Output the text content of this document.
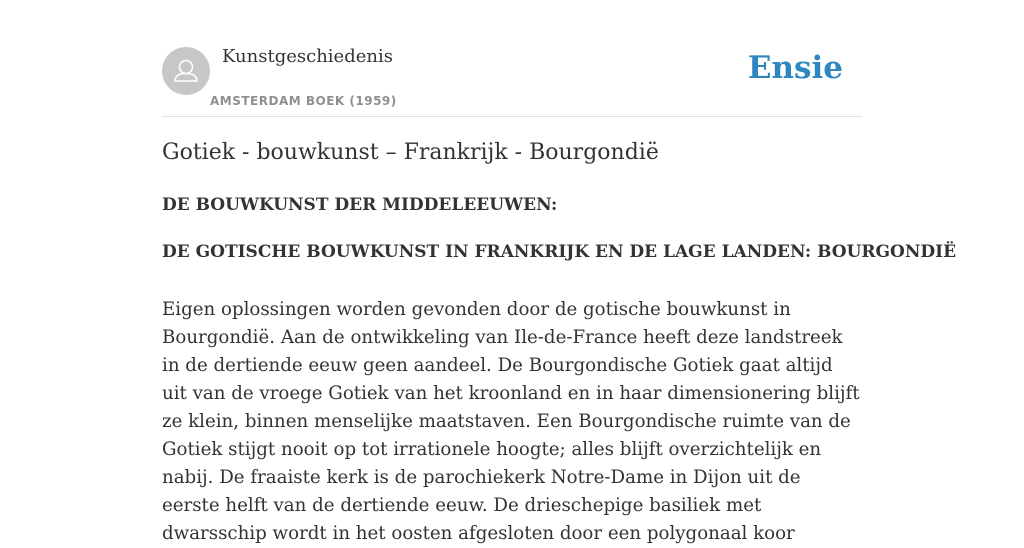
Kunstgeschiedenis
AMSTERDAM BOEK (1959)
Ensie
Gotiek - bouwkunst – Frankrijk - Bourgondië
DE BOUWKUNST DER MIDDELEEUWEN:
DE GOTISCHE BOUWKUNST IN FRANKRIJK EN DE LAGE LANDEN: BOURGONDIË

Eigen oplossingen worden gevonden door de gotische bouwkunst in Bourgondië. Aan de ontwikkeling van Ile-de-France heeft deze landstreek in de dertiende eeuw geen aandeel. De Bourgondische Gotiek gaat altijd uit van de vroege Gotiek van het kroonland en in haar dimensionering blijft ze klein, binnen menselijke maatstaven. Een Bourgondische ruimte van de Gotiek stijgt nooit op tot irrationele hoogte; alles blijft overzichtelijk en nabij. De fraaiste kerk is de parochiekerk Notre-Dame in Dijon uit de eerste helft van de dertiende eeuw. De drieschepige basiliek met dwarsschip wordt in het oosten afgesloten door een polygonaal koor
